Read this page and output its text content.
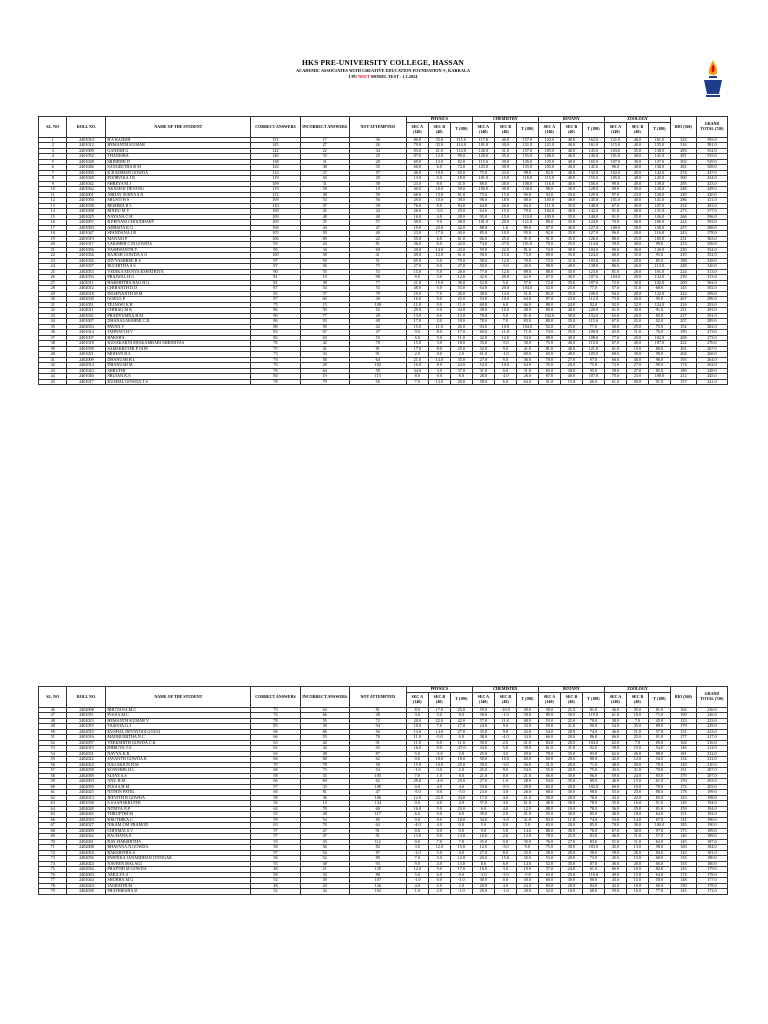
HKS PRE-UNIVERSITY COLLEGE, HASSAN
ACADEMIC ASSOCIATES WITH CREATIVE EDUCATION FOUNDATION ®, KARKALA
I PU NEET MODEL TEST - 1.1.2024
SL. NO	ROLL NO.	NAME OF THE STUDENT	CORRECT ANSWERS	INCORRECT ANSWERS	NOT ATTEMPTED	PHYSICS			CHEMISTRY			BOTANY			ZOOLOGY			BIO (360)	GRAND TOTAL (720)
						SEC A (140)	SEC B (40)	T (180)	SEC A (140)	SEC B (40)	T (180)	SEC A (140)	SEC B (40)	T (180)	SEC A (140)	SEC B (40)	T (180)		
1	2401010	H A RAJESH	151	17	30	80.0	35.0	115.0	117.0	40.0	157.0	122.0	40.0	162.0	121.0	40.0	161.0	323	595.0
2	2401012	HEMANTH KUMAR	145	27	26	79.0	35.0	114.0	101.0	30.0	131.0	121.0	40.0	161.0	115.0	40.0	155.0	316	581.0
3	2401009	GANESH G	142	22	34	93.0	21.0	114.0	126.0	31.0	157.0	105.0	40.0	145.0	103.0	35.0	138.0	283	554.0
4	2401052	THANISHA	140	33	25	87.0	12.0	99.0	120.0	35.0	155.0	100.0	40.0	140.0	101.0	40.0	141.0	281	535.0
5	2401048	SRINIDHI D	138	31	28	69.0	13.0	82.0	115.0	30.0	145.0	125.0	40.0	165.0	107.0	30.0	137.0	302	529.0
6	2401046	SANGEETHA B M	124	38	35	66.0	6.0	72.0	125.0	30.0	155.0	105.0	40.0	145.0	96.0	40.0	136.0	281	508.0
7	2401005	K R KISHAN GOWDA	114	27	57	46.0	19.0	65.0	75.0	23.0	98.0	92.0	40.0	132.0	102.0	40.0	142.0	274	437.0
8	2401028	POORVIKA J R	119	50	29	13.0	5.0	18.0	101.0	15.0	116.0	115.0	40.0	155.0	105.0	40.0	145.0	300	434.0
9	2401042	SHREYA M J	109	31	58	23.0	8.0	31.0	88.0	20.0	108.0	116.0	40.0	156.0	99.0	40.0	139.0	295	433.0
10	2401062	AKASH K DEVANG	119	58	19	40.0	10.0	50.0	100.0	30.0	130.0	98.0	30.0	128.0	90.0	30.0	120.0	248	428.0
11	2402001	ABHAY SURYA S N	112	38	50	68.0	13.0	81.0	75.0	15.0	90.0	94.0	35.0	129.0	97.0	23.0	120.0	249	420.0
12	2401050	SRUSTI H S	109	33	56	29.0	10.0	39.0	98.0	18.0	88.0	105.0	40.0	145.0	101.0	40.0	141.0	286	411.0
13	2401038	RESHMA R L	110	47	39	76.0	8.0	84.0	64.0	20.0	84.0	111.0	35.0	148.0	67.0	40.0	107.0	252	403.0
14	2401008	BINDU M.Y	109	45	44	26.0	-3.0	25.0	64.0	15.0	79.0	102.0	40.0	142.0	91.0	40.0	131.0	273	377.0
15	2401025	NAYANA C H	109	48	40	16.0	4.0	20.0	95.0	15.0	110.0	105.0	35.0	140.0	91.0	35.0	126.0	266	396.0
16	2402007	B PRIYAM CHOUDHARY	105	35	57	39.0	9.0	48.0	101.0	20.0	121.0	89.0	35.0	124.0	70.0	30.0	100.0	224	393.0
17	2401003	ADHISTA K G	106	44	47	19.0	23.0	42.0	88.0	1.0	89.0	87.0	40.0	127.0	100.0	30.0	130.0	257	388.0
18	2401047	SPANDANA J R	105	50	40	23.0	17.0	40.0	85.0	10.0	95.0	92.0	35.0	127.0	96.0	20.0	116.0	243	378.0
19	2401019	MANASI P	106	69	22	55.0	6.0	61.0	66.0	25.0	91.0	91.0	35.0	126.0	80.0	25.0	105.0	231	363.0
20	2401017	LAKSHMI C M GOWDA	93	24	81	36.0	6.0	42.0	74.0	27.0	101.0	79.0	35.0	114.0	59.0	40.0	99.0	213	356.0
21	2401056	YASHWANTH.Y	95	34	69	29.0	14.0	43.0	59.0	22.0	81.0	74.0	30.0	104.0	90.0	36.0	126.0	230	354.0
22	2401034	RAJESH GOWDA A G	100	58	41	49.0	12.0	61.0	58.0	15.0	73.0	89.0	35.0	124.0	60.0	35.0	95.0	219	352.0
23	2401026	DIVYASHREE B S	97	50	51	65.0	5.0	70.0	58.0	12.0	70.0	72.0	31.0	103.0	65.0	20.0	85.0	188	328.0
24	2401037	RUCHITHA A S	87	36	75	27.0	0.0	27.0	50.0	-5.0	45.0	98.0	40.0	138.0	86.0	26.0	112.0	248	320.0
25	2402053	VEDIKA MANYA KSHATRIYA	90	55	53	15.0	5.0	20.0	77.0	12.0	89.0	88.0	35.0	123.0	81.0	20.0	101.0	224	313.0
26	2401033	PRAJWAL H G	81	19	98	9.0	3.0	12.0	42.0	20.0	62.0	67.0	40.0	107.0	104.0	28.0	132.0	239	313.0
27	2401011	HARSHITHA RAO H G	81	38	77	21.0	15.0	36.0	52.0	5.0	57.0	72.0	35.0	107.0	72.0	30.0	102.0	209	302.0
28	2402012	CHIRANTH D.D	87	54	53	48.0	5.0	53.0	64.0	20.0	104.0	52.0	25.0	77.0	57.0	11.0	68.0	145	302.0
29	2402018	DUSHYANTH.M.M	82	37	79	19.0	7.0	26.0	38.0	13.0	51.0	85.0	35.0	100.0	94.0	28.0	122.0	222	299.0
30	2402030	GOKUL P	87	60	49	16.0	9.0	25.0	54.0	10.0	64.0	87.0	25.0	112.0	75.0	20.0	95.0	207	296.0
31	2401051	TEJASWI K R	75	15	108	11.0	0.0	11.0	60.0	6.0	66.0	88.0	24.0	92.0	92.0	32.0	124.0	216	293.0
32	2402011	CHIRAG M K	86	59	52	29.0	5.0	34.0	38.0	10.0	48.0	80.0	40.0	120.0	61.0	30.0	91.0	211	293.0
33	2401031	PRADYUMNA.H.M	90	77	29	13.0	0.0	13.0	78.0	5.0	81.0	102.0	30.0	132.0	65.0	20.0	85.0	217	291.0
34	2401007	DHANALAKSHMI C.R.	86	83	49	17.0	2.0	19.0	78.0	7.0	83.0	80.0	35.0	115.0	67.0	25.0	92.0	207	289.0
35	2402033	PAVAN.V	80	50	42	15.0	11.0	26.0	94.0	10.0	104.0	52.0	25.0	77.0	50.0	25.0	75.0	152	282.0
36	2401014	JAHNAVI.H.V	83	67	47	9.0	8.0	17.0	60.0	11.0	71.0	74.0	35.0	109.0	65.0	11.0	76.0	185	273.0
37	2401037	RAKSHA	82	63	53	6.0	5.0	11.0	42.0	12.0	54.0	88.0	40.0	108.0	77.0	25.0	102.0	206	273.0
38	2401018	KUSAKARNI SHAKAMBARI SHRINIVAS	76	42	78	15.0	3.0	18.0	35.0	-5.0	30.0	75.0	40.0	115.0	67.0	40.0	107.0	222	270.0
39	2401039	SAMSKRUTHI P JAIN	75	41	81	17.0	8.0	25.0	32.0	9.0	41.0	81.0	40.0	121.0	61.0	19.0	80.0	201	267.0
40	2401021	MOHAN H.S	73	34	91	2.0	0.0	2.0	61.0	-1.0	60.0	65.0	40.0	105.0	69.0	30.0	99.0	204	266.0
41	2402009	DHANUSH.B.L	78	58	64	21.0	14.0	35.0	27.0	9.0	36.0	70.0	27.0	97.0	66.0	30.0	96.0	193	264.0
42	2402014	DHANUSH.M	76	28	102	16.0	8.0	24.0	54.0	10.0	64.0	55.0	20.0	75.0	72.0	27.0	99.0	174	262.0
43	2401043	SHRUTHI	76	64	58	34.0	3.0	37.0	31.0	0.0	31.0	65.0	30.0	95.0	58.0	27.0	85.0	180	248.0
44	2401040	SRUJAN.K.S	84	19	115	8.0	0.0	8.0	28.0	-2.0	26.0	67.0	40.0	107.0	70.0	23.0	100.0	212	245.0
45	2401017	KUSHAL GOWDA.T.S	78	79	56	7.0	13.0	20.0	58.0	6.0	64.0	51.0	15.0	66.0	61.0	30.0	91.0	157	241.0
SL. NO	ROLL NO.	NAME OF THE STUDENT	CORRECT ANSWERS	INCORRECT ANSWERS	NOT ATTEMPTED	PHYSICS			CHEMISTRY			BOTANY			ZOOLOGY			BIO (360)	GRAND TOTAL (720)
						SEC A (140)	SEC B (40)	T (180)	SEC A (140)	SEC B (40)	T (180)	SEC A (140)	SEC B (40)	T (180)	SEC A (140)	SEC B (40)	T (180)		
46	2402008	BHUVANA.M.C	73	64	81	8.0	17.0	25.0	59.0	-10.0	49.0	58.0	25.0	81.0	46.0	35.0	81.0	162	236.0
47	2401051	POOJA.M.C	74	66	48	3.0	5.0	8.0	39.0	-1.0	38.0	89.0	30.0	119.0	61.0	10.0	71.0	190	236.0
48	2402023	HEMANTH KUMAR V.	78	55	72	20.0	22.0	42.0	57.0	11.0	68.0	53.0	25.0	78.0	38.0	7.0	45.0	123	233.0
49	2401055	VASISTA.G.J	85	39	94	10.0	7.0	17.0	24.0	9.0	33.0	59.0	31.0	90.0	54.0	35.0	89.0	179	229.0
50	2402019	KUSHAL DEVAYOGI GOULI	68	86	56	13.0	14.0	27.0	33.0	9.0	42.0	54.0	20.0	74.0	46.0	11.0	57.0	131	223.0
51	2401016	MADHUMITHA.N.C	66	55	76	11.0	-5.0	6.0	38.0	-4.0	34.0	66.0	20.0	86.0	66.0	25.0	91.0	177	217.0
52	2402057	VEEKSHITH GOWDA.C.K	63	44	91	11.0	0.0	11.0	39.0	2.0	41.0	84.0	20.0	104.0	62.0	7.0	69.0	164	216.0
53	2402015	DHRUVA.T.S	62	44	92	16.0	9.0	-27.0	34.0	5.0	39.0	61.0	31.0	92.0	39.0	15.0	54.0	146	212.0
54	2402031	NAVYA.K.R	63	48	87	5.0	-3.0	2.0	25.0	4.0	29.0	78.0	35.0	93.0	62.0	26.0	88.0	181	212.0
55	2402022	JAYANTH GOWDA.K	66	68	62	0.0	18.0	18.0	50.0	10.0	60.0	60.0	20.0	80.0	42.0	12.0	54.0	134	212.0
56	2402024	NAGARJUN.H.M	70	78	50	15.0	10.0	25.0	39.0	-3.0	36.0	51.0	20.0	71.0	48.0	30.0	78.0	149	210.0
57	2402058	KOWSHIK.H.L	68	73	54	-1.0	3.0	2.0	45.0	9.0	54.0	55.0	20.0	75.0	45.0	31.0	76.0	151	207.0
58	2402049	SUJAY.A.S	58	35	105	7.0	1.0	8.0	21.0	0.0	21.0	66.0	30.0	96.0	59.0	24.0	83.0	179	207.0
59	2402003	ANU.H.M	66	69	62	29.0	-4.0	25.0	27.0	1.0	28.0	54.0	35.0	89.0	46.0	15.0	61.0	150	203.0
60	2402059	POOJA.H.M	57	33	108	0.0	4.0	4.0	33.0	-5.0	28.0	82.0	20.0	102.0	60.0	10.0	70.0	172	203.0
61	2402025	NITHIN PATEL	68	81	47	-5.0	0.0	-5.0	23.0	3.0	26.0	68.0	30.0	98.0	55.0	25.0	80.0	178	199.0
62	2402013	JEEVITH R GOWDA	58	36	106	12.0	22.0	34.0	17.0	4.0	21.0	58.0	20.0	78.0	43.0	22.0	65.0	143	198.0
63	2401038	S.S.SANSKRUTHI	56	14	134	0.0	4.0	4.0	57.0	4.0	61.0	48.0	30.0	78.0	35.0	16.0	51.0	129	194.0
64	2402028	NITHYA.N.P	64	70	60	16.0	5.0	23.0	6.0	4.0	12.0	88.0	10.0	78.0	56.0	25.0	81.0	159	194.0
65	2402045	THRUPTHI.M	53	28	117	6.0	0.0	6.0	39.0	2.0	41.0	55.0	30.0	85.0	46.0	18.0	64.0	151	192.0
66	2402010	KRUTHIKA.C	59	54	85	9.0	9.0	18.0	34.0	-3.0	31.0	83.0	11.0	74.0	53.0	14.0	67.0	141	190.0
67	2402027	NIKAM OM PRAMOD	63	70	64	-4.0	4.0	0.0	5.0	0.0	5.0	65.0	20.0	85.0	70.0	30.0	100.0	185	190.0
68	2402009	CHINMAI.S.V	57	47	91	0.0	0.0	0.0	9.0	5.0	14.0	88.0	30.0	78.0	67.0	30.0	97.0	175	189.0
69	2402042	RACHANA.E	57	47	91	13.0	0.0	13.0	16.0	2.0	12.0	78.0	25.0	83.0	46.0	11.0	57.0	140	189.0
70	2402041	R.M. HARSHITHA	53	33	112	0.0	7.0	7.0	35.0	0.0	35.0	76.0	27.0	83.0	51.0	11.0	62.0	145	187.0
71	2402008	BHAVANA.N.GOWDA	58	56	82	3.0	12.0	15.0	12.0	-3.0	9.0	75.0	30.0	103.0	45.0	13.0	58.0	160	184.0
72	2402054	RAKSHITHA.S	57	54	87	-1.0	5.0	4.0	27.0	8.0	35.0	38.0	20.0	58.0	58.0	26.0	84.0	142	181.0
73	2402056	PARNIKA JANARDHAN IYENGAR	56	52	89	7.0	5.0	12.0	20.0	15.0	35.0	53.0	20.0	73.0	45.0	15.0	60.0	133	180.0
74	2402024	NAVEEN MALAGI	55	48	93	9.0	4.0	13.0	8.0	6.0	14.0	52.0	35.0	87.0	46.0	20.0	66.0	153	180.0
75	2402034	PRAPTHI.M GOWDA	48	21	129	12.0	5.0	17.0	16.0	3.0	19.0	37.0	24.0	61.0	66.0	16.0	82.0	143	179.0
76	2402003	AMULYA.S	58	54	88	5.0	6.0	9.0	-2.0	-3.0	-5.0	65.0	25.0	110.0	49.0	15.0	64.0	174	178.0
77	2401044	SHUBHA.M.G	52	39	107	-1.0	0.0	-1.0	30.0	0.0	30.0	60.0	30.0	90.0	43.0	15.0	58.0	148	177.0
78	2402024	JAGRATHI.M	48	24	126	4.0	2.0	2.0	20.0	4.0	24.0	84.0	20.0	84.0	42.0	18.0	60.0	150	178.0
79	2402038	PRATHIKSHA.D	52	44	102	1.0	2.0	-1.0	29.0	-1.0	28.0	52.0	10.0	68.0	59.0	16.0	77.0	145	172.0
